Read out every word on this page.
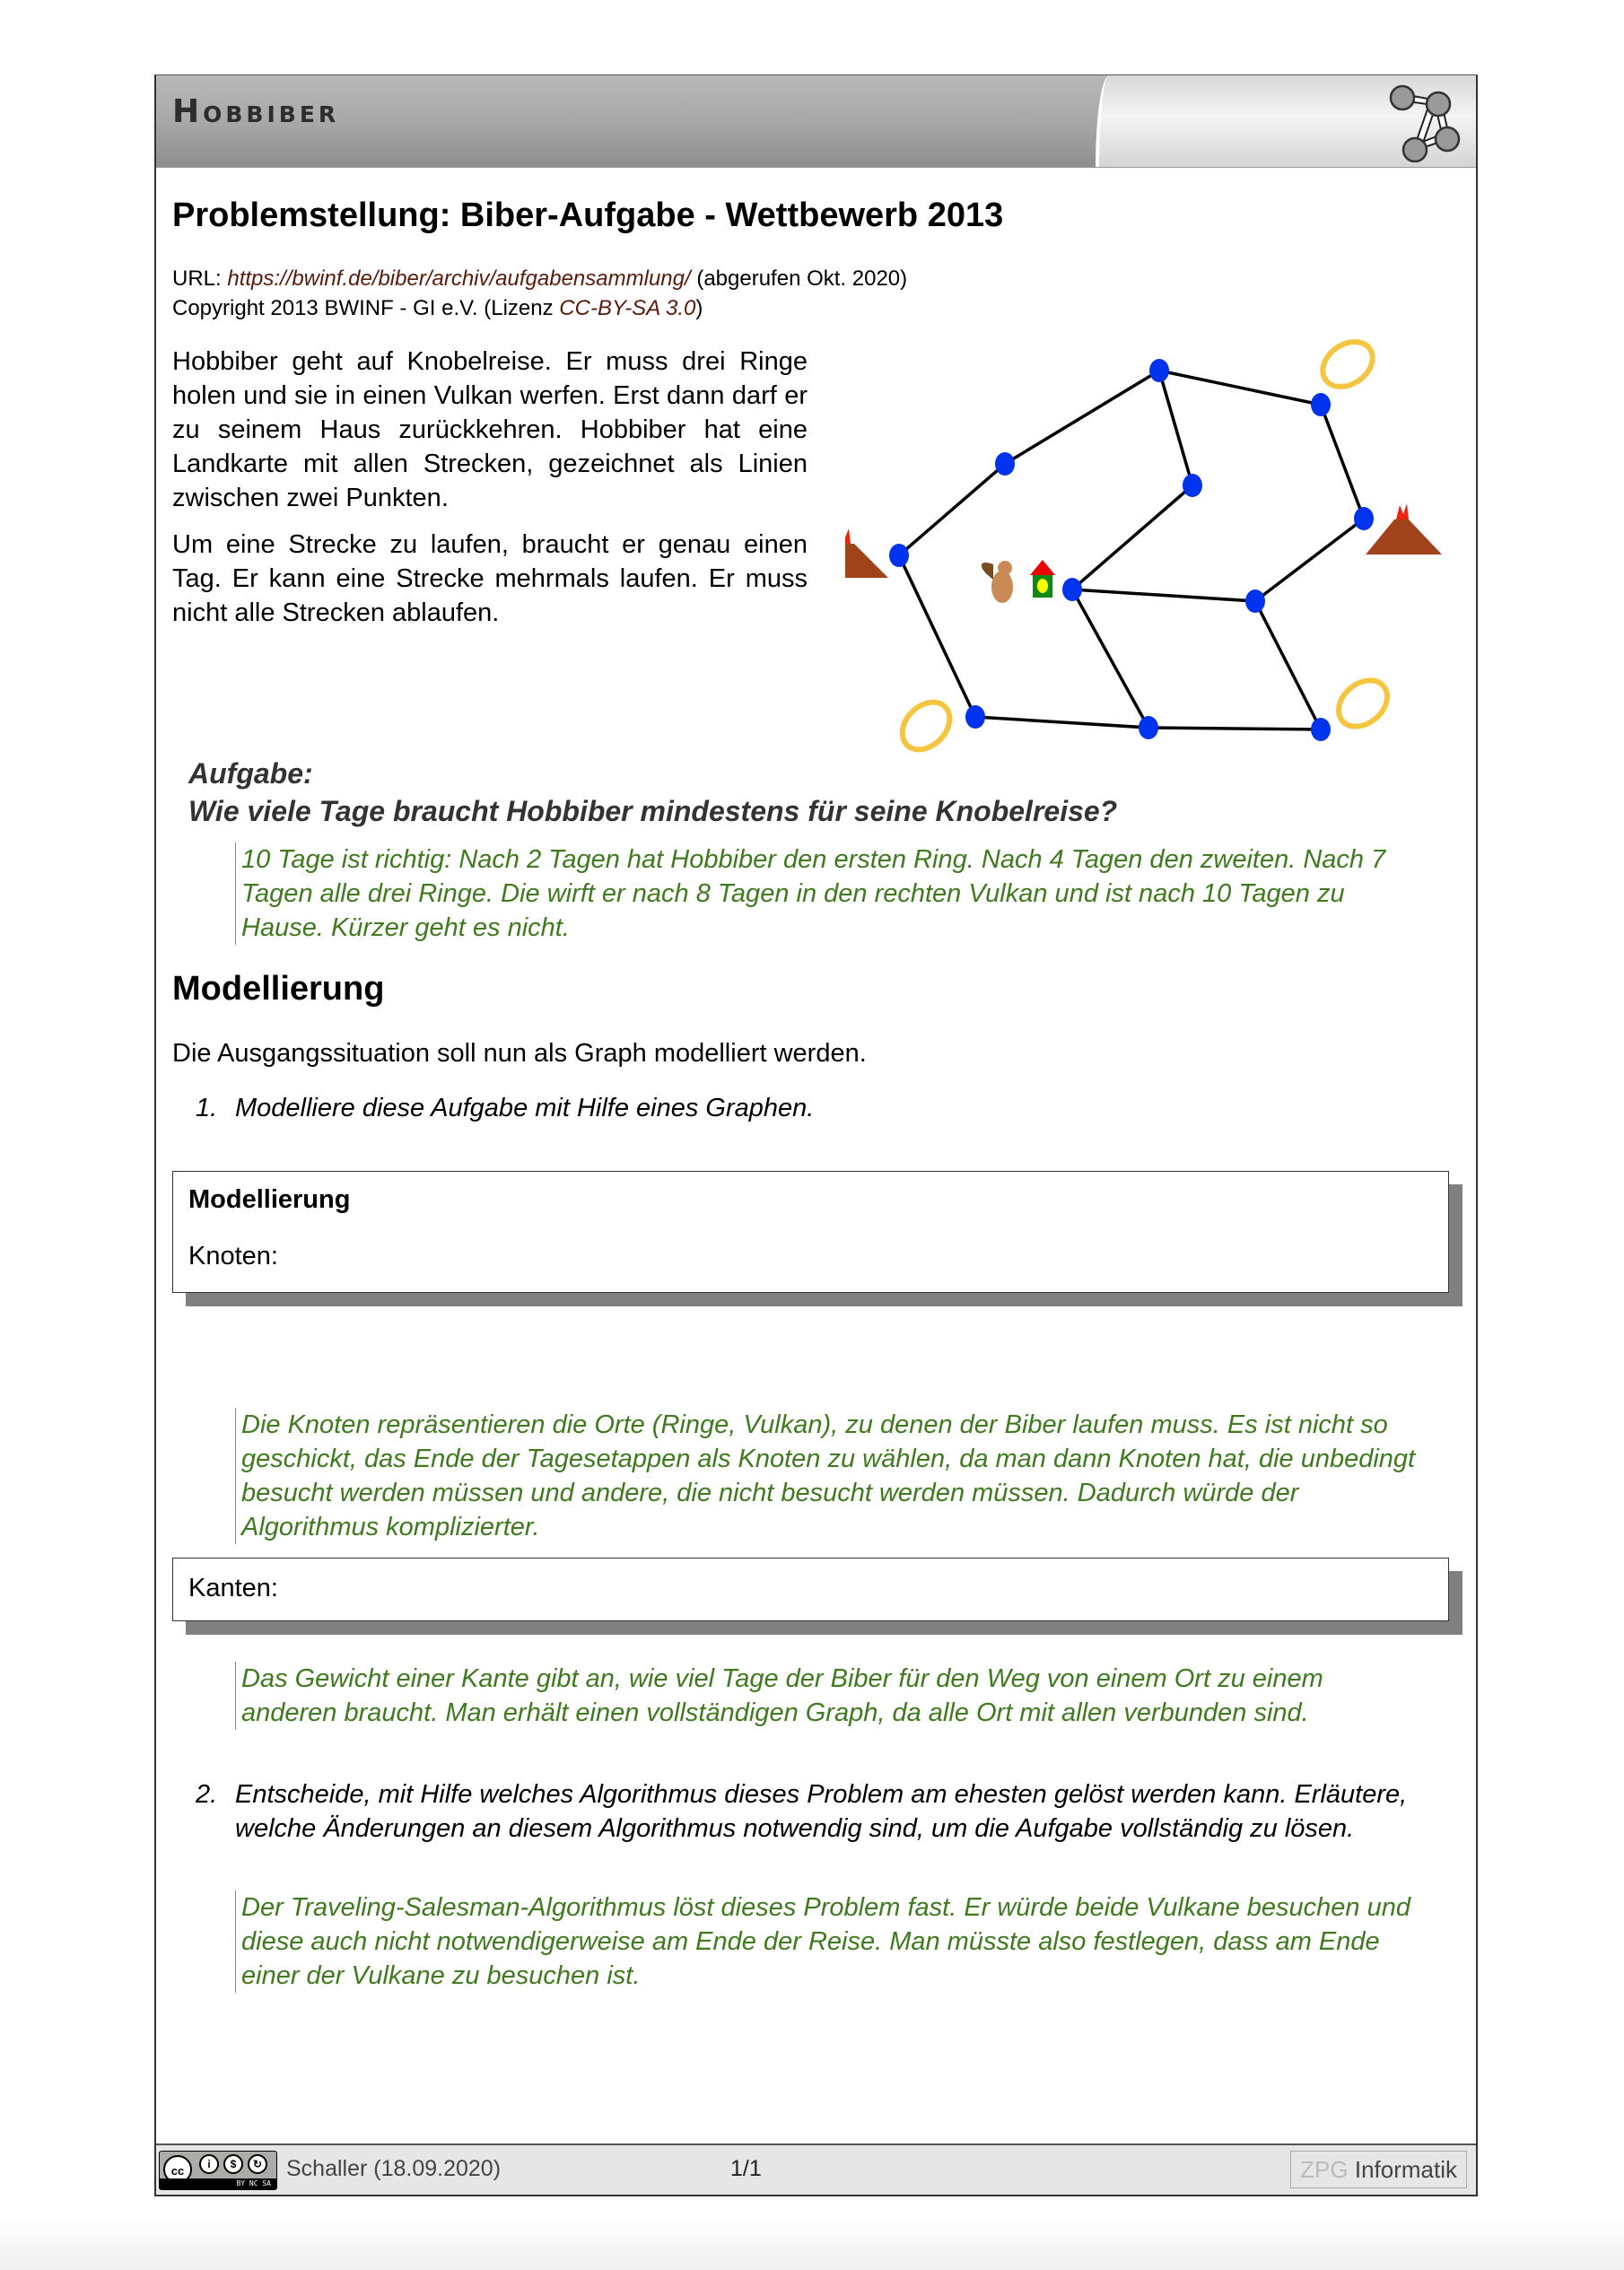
Hobbiber
Problemstellung: Biber-Aufgabe - Wettbewerb 2013
URL: https://bwinf.de/biber/archiv/aufgabensammlung/ (abgerufen Okt. 2020)
Copyright 2013 BWINF - GI e.V. (Lizenz CC-BY-SA 3.0)

Hobbiber geht auf Knobelreise. Er muss drei Ringe holen und sie in einen Vulkan werfen. Erst dann darf er zu seinem Haus zurückkehren. Hobbiber hat eine Landkarte mit allen Strecken, gezeichnet als Linien zwischen zwei Punkten.

Um eine Strecke zu laufen, braucht er genau einen Tag. Er kann eine Strecke mehrmals laufen. Er muss nicht alle Strecken ablaufen.

Aufgabe:
Wie viele Tage braucht Hobbiber mindestens für seine Knobelreise?
10 Tage ist richtig: Nach 2 Tagen hat Hobbiber den ersten Ring. Nach 4 Tagen den zweiten. Nach 7 Tagen alle drei Ringe. Die wirft er nach 8 Tagen in den rechten Vulkan und ist nach 10 Tagen zu Hause. Kürzer geht es nicht.
Modellierung
Die Ausgangssituation soll nun als Graph modelliert werden.
1. Modelliere diese Aufgabe mit Hilfe eines Graphen.
Modellierung
Knoten:
Die Knoten repräsentieren die Orte (Ringe, Vulkan), zu denen der Biber laufen muss. Es ist nicht so geschickt, das Ende der Tagesetappen als Knoten zu wählen, da man dann Knoten hat, die unbedingt besucht werden müssen und andere, die nicht besucht werden müssen. Dadurch würde der Algorithmus komplizierter.
Kanten:
Das Gewicht einer Kante gibt an, wie viel Tage der Biber für den Weg von einem Ort zu einem anderen braucht. Man erhält einen vollständigen Graph, da alle Ort mit allen verbunden sind.
2. Entscheide, mit Hilfe welches Algorithmus dieses Problem am ehesten gelöst werden kann. Erläutere, welche Änderungen an diesem Algorithmus notwendig sind, um die Aufgabe vollständig zu lösen.
Der Traveling-Salesman-Algorithmus löst dieses Problem fast. Er würde beide Vulkane besuchen und diese auch nicht notwendigerweise am Ende der Reise. Man müsste also festlegen, dass am Ende einer der Vulkane zu besuchen ist.
cc	i	$	↻
BY NC SA
Schaller (18.09.2020)	1/1	ZPG Informatik
